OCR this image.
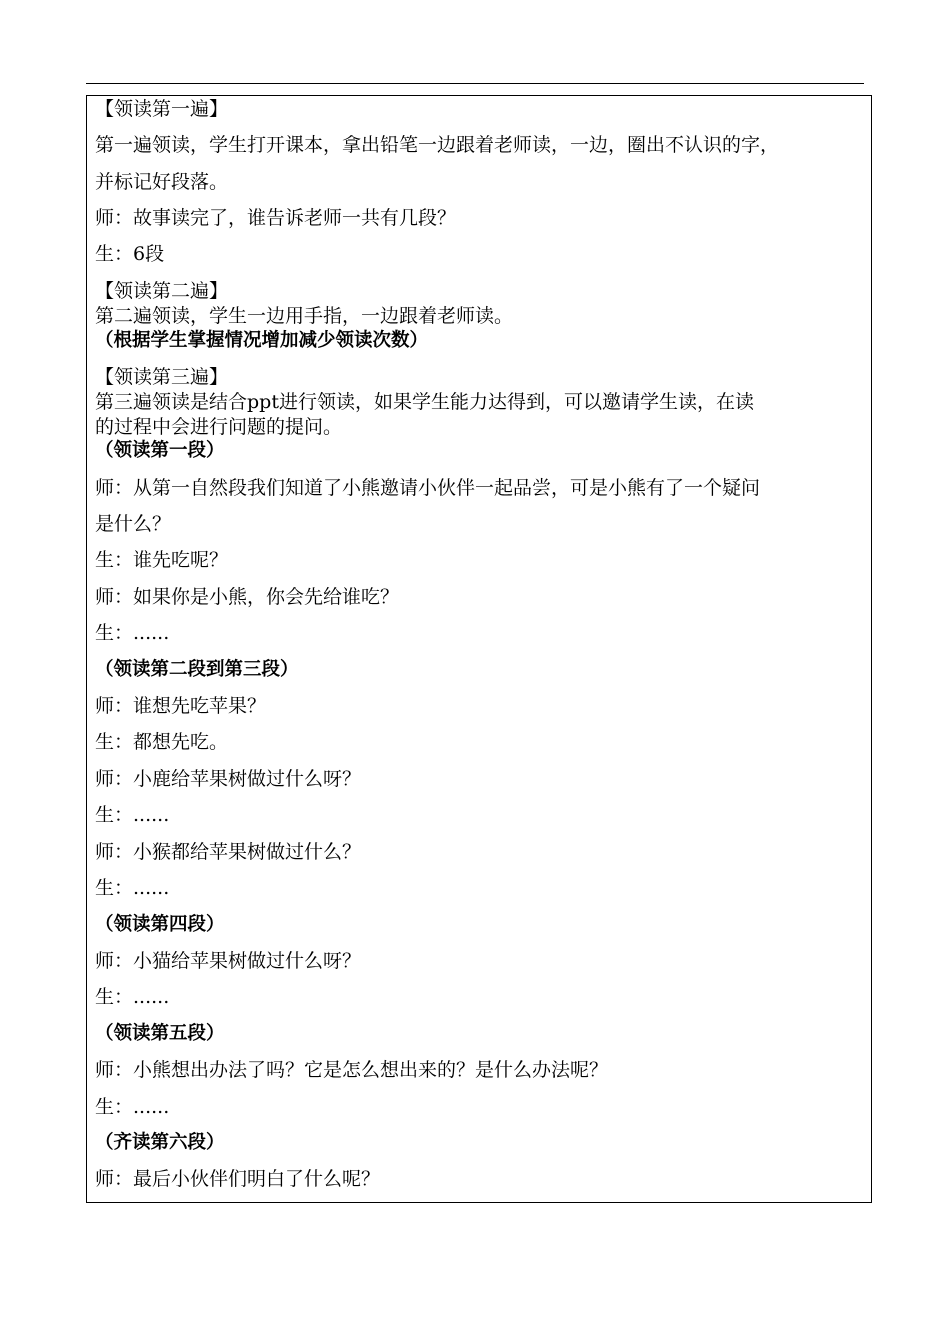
【领读第一遍】
第一遍领读，学生打开课本，拿出铅笔一边跟着老师读，一边，圈出不认识的字，
并标记好段落。
师：故事读完了，谁告诉老师一共有几段？
生：6段
【领读第二遍】
第二遍领读，学生一边用手指，一边跟着老师读。
（根据学生掌握情况增加减少领读次数）
【领读第三遍】
第三遍领读是结合ppt进行领读，如果学生能力达得到，可以邀请学生读，在读
的过程中会进行问题的提问。
（领读第一段）
师：从第一自然段我们知道了小熊邀请小伙伴一起品尝，可是小熊有了一个疑问
是什么？
生：谁先吃呢？
师：如果你是小熊，你会先给谁吃？
生：......
（领读第二段到第三段）
师：谁想先吃苹果？
生：都想先吃。
师：小鹿给苹果树做过什么呀？
生：......
师：小猴都给苹果树做过什么？
生：......
（领读第四段）
师：小猫给苹果树做过什么呀？
生：......
（领读第五段）
师：小熊想出办法了吗？它是怎么想出来的？是什么办法呢？
生：......
（齐读第六段）
师：最后小伙伴们明白了什么呢？
